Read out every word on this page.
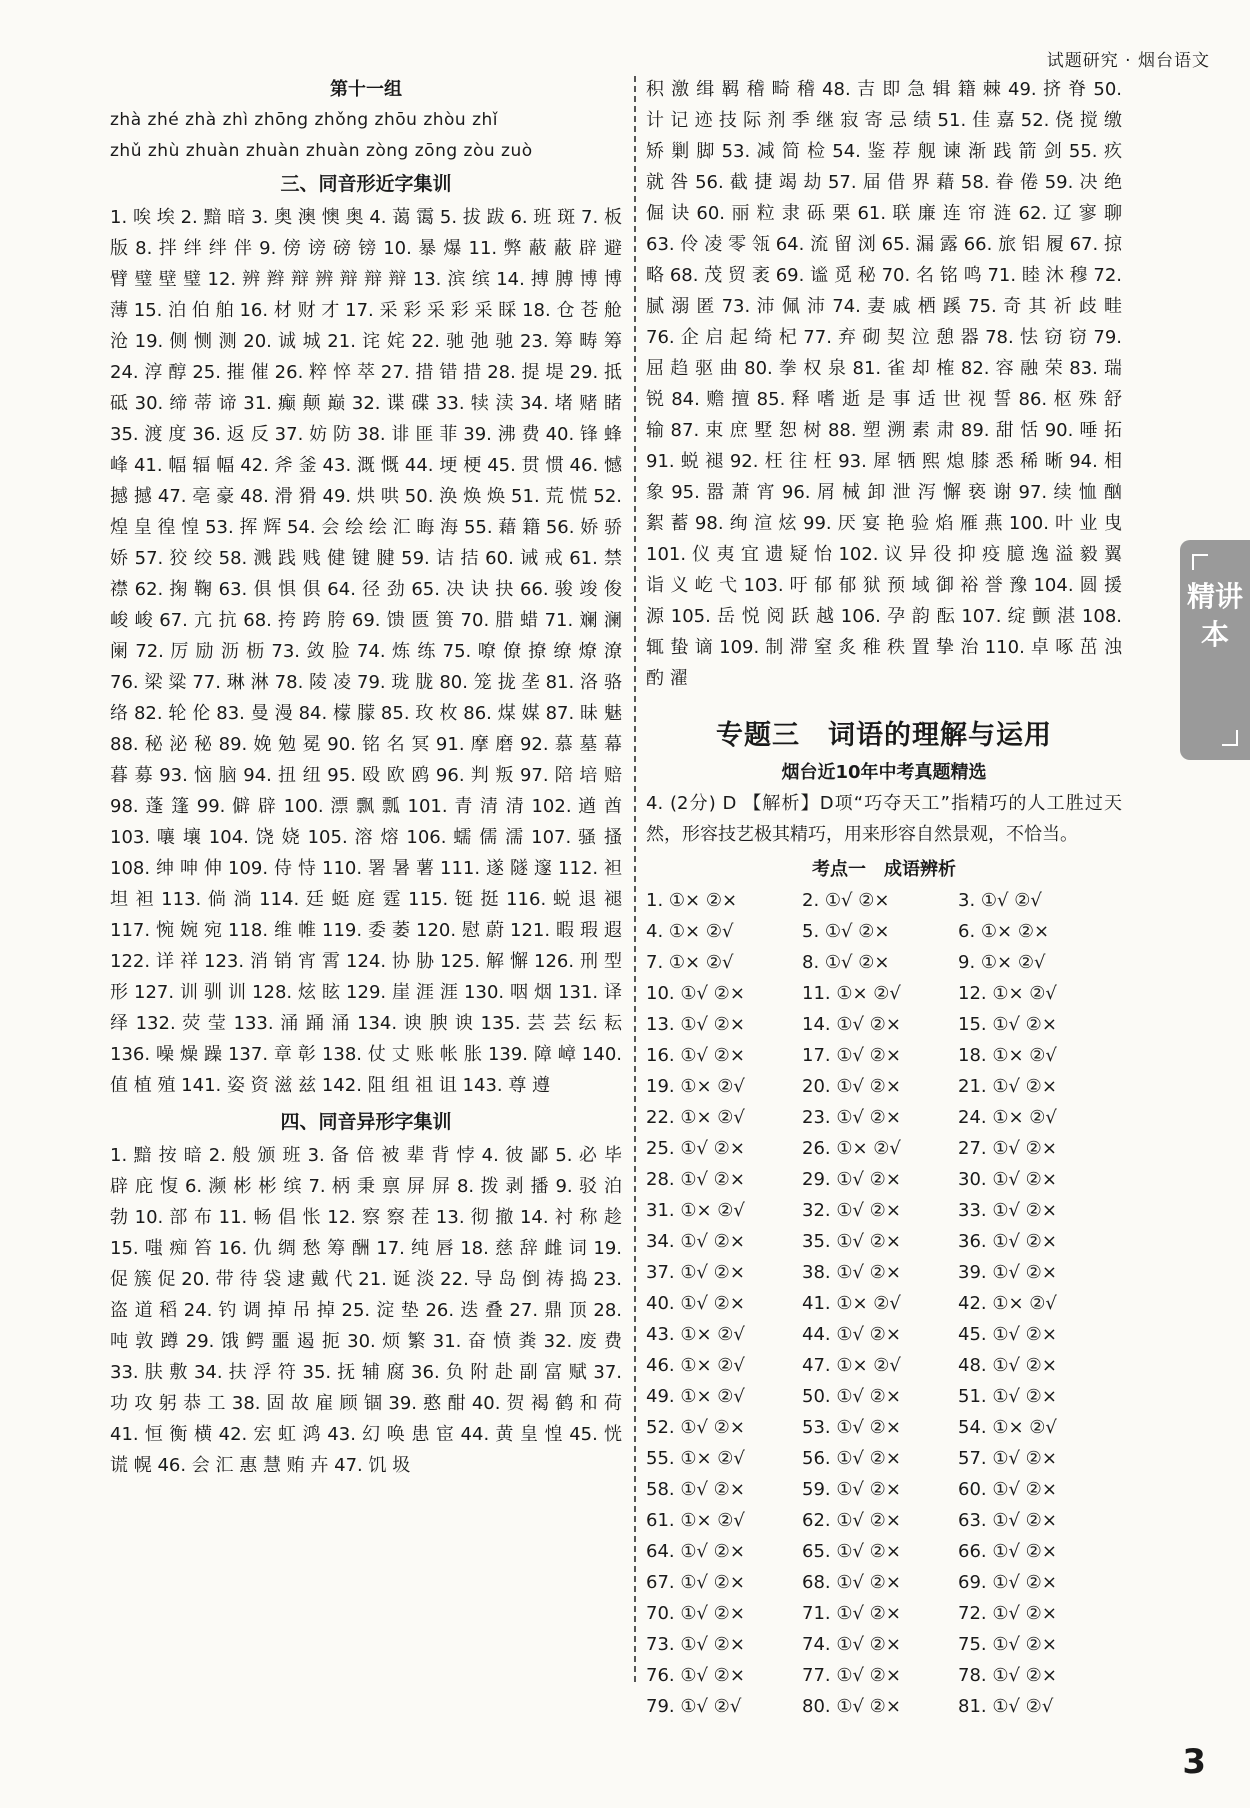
试题研究 · 烟台语文
第十一组
zhà zhé zhà zhì zhōng zhǒng zhōu zhòu zhǐ
zhǔ zhù zhuàn zhuàn zhuàn zòng zōng zòu zuò
三、同音形近字集训
1. 唉 埃 2. 黯 暗 3. 奥 澳 懊 奥 4. 蔼 霭 5. 拔 跋 6. 班 斑 7. 板 版 8. 拌 绊 绊 伴 9. 傍 谤 磅 镑 10. 暴 爆 11. 弊 蔽 蔽 辟 避 臂 璧 壁 璧 12. 辨 辫 辩 辨 辩 辩 辩 13. 滨 缤 14. 搏 膊 博 博 薄 15. 泊 伯 舶 16. 材 财 才 17. 采 彩 采 彩 采 睬 18. 仓 苍 舱 沧 19. 侧 恻 测 20. 诚 城 21. 诧 姹 22. 驰 弛 驰 23. 筹 畴 筹 24. 淳 醇 25. 摧 催 26. 粹 悴 萃 27. 措 错 措 28. 提 堤 29. 抵 砥 30. 缔 蒂 谛 31. 癫 颠 巅 32. 谍 碟 33. 犊 渎 34. 堵 赌 睹 35. 渡 度 36. 返 反 37. 妨 防 38. 诽 匪 菲 39. 沸 费 40. 锋 蜂 峰 41. 幅 辐 幅 42. 斧 釜 43. 溉 慨 44. 埂 梗 45. 贯 惯 46. 憾 撼 撼 47. 亳 豪 48. 滑 猾 49. 烘 哄 50. 涣 焕 焕 51. 荒 慌 52. 煌 皇 徨 惶 53. 挥 辉 54. 会 绘 绘 汇 晦 海 55. 藉 籍 56. 娇 骄 娇 57. 狡 绞 58. 溅 践 贱 健 键 腱 59. 诘 拮 60. 诫 戒 61. 禁 襟 62. 掬 鞠 63. 俱 惧 俱 64. 径 劲 65. 决 诀 抉 66. 骏 竣 俊 峻 峻 67. 亢 抗 68. 挎 跨 胯 69. 馈 匮 篑 70. 腊 蜡 71. 斓 澜 阑 72. 厉 励 沥 枥 73. 敛 脸 74. 炼 练 75. 嘹 僚 撩 缭 燎 潦 76. 梁 粱 77. 琳 淋 78. 陵 凌 79. 珑 胧 80. 笼 拢 垄 81. 洛 骆 络 82. 轮 伦 83. 曼 漫 84. 檬 朦 85. 玫 枚 86. 煤 媒 87. 昧 魅 88. 秘 泌 秘 89. 娩 勉 冕 90. 铭 名 冥 91. 摩 磨 92. 慕 墓 幕 暮 募 93. 恼 脑 94. 扭 纽 95. 殴 欧 鸥 96. 判 叛 97. 陪 培 赔 98. 蓬 篷 99. 僻 辟 100. 漂 飘 瓢 101. 青 清 清 102. 遒 酋 103. 嚷 壤 104. 饶 娆 105. 溶 熔 106. 蠕 儒 濡 107. 骚 搔 108. 绅 呻 伸 109. 侍 恃 110. 署 暑 薯 111. 遂 隧 邃 112. 袒 坦 袒 113. 倘 淌 114. 廷 蜓 庭 霆 115. 铤 挺 116. 蜕 退 褪 117. 惋 婉 宛 118. 维 帷 119. 委 萎 120. 慰 蔚 121. 暇 瑕 遐 122. 详 祥 123. 消 销 宵 霄 124. 协 胁 125. 解 懈 126. 刑 型 形 127. 训 驯 训 128. 炫 眩 129. 崖 涯 涯 130. 咽 烟 131. 译 绎 132. 荧 莹 133. 涌 踊 涌 134. 谀 腴 谀 135. 芸 芸 纭 耘 136. 噪 燥 躁 137. 章 彰 138. 仗 丈 账 帐 胀 139. 障 嶂 140. 值 植 殖 141. 姿 资 滋 兹 142. 阻 组 祖 诅 143. 尊 遵
四、同音异形字集训
1. 黯 按 暗 2. 般 颁 班 3. 备 倍 被 辈 背 悖 4. 彼 鄙 5. 必 毕 辟 庇 愎 6. 濒 彬 彬 缤 7. 柄 秉 禀 屏 屏 8. 拨 剥 播 9. 驳 泊 勃 10. 部 布 11. 畅 倡 怅 12. 察 察 茬 13. 彻 撤 14. 衬 称 趁 15. 嗤 痴 笞 16. 仇 绸 愁 筹 酬 17. 纯 唇 18. 慈 辞 雌 词 19. 促 簇 促 20. 带 待 袋 逮 戴 代 21. 诞 淡 22. 导 岛 倒 祷 捣 23. 盗 道 稻 24. 钓 调 掉 吊 掉 25. 淀 垫 26. 迭 叠 27. 鼎 顶 28. 吨 敦 蹲 29. 饿 鳄 噩 遏 扼 30. 烦 繁 31. 奋 愤 粪 32. 废 费 33. 肤 敷 34. 扶 浮 符 35. 抚 辅 腐 36. 负 附 赴 副 富 赋 37. 功 攻 躬 恭 工 38. 固 故 雇 顾 锢 39. 憨 酣 40. 贺 褐 鹤 和 荷 41. 恒 衡 横 42. 宏 虹 鸿 43. 幻 唤 患 宦 44. 黄 皇 惶 45. 恍 谎 幌 46. 会 汇 惠 慧 贿 卉 47. 饥 圾
积 激 缉 羁 稽 畸 稽 48. 吉 即 急 辑 籍 棘 49. 挤 脊 50. 计 记 迹 技 际 剂 季 继 寂 寄 忌 绩 51. 佳 嘉 52. 侥 搅 缴 矫 剿 脚 53. 减 简 检 54. 鉴 荐 舰 谏 渐 践 箭 剑 55. 疚 就 咎 56. 截 捷 竭 劫 57. 届 借 界 藉 58. 眷 倦 59. 决 绝 倔 诀 60. 丽 粒 隶 砾 栗 61. 联 廉 连 帘 涟 62. 辽 寥 聊 63. 伶 凌 零 瓴 64. 流 留 浏 65. 漏 露 66. 旅 铝 履 67. 掠 略 68. 茂 贸 袤 69. 谧 觅 秘 70. 名 铭 鸣 71. 睦 沐 穆 72. 腻 溺 匿 73. 沛 佩 沛 74. 妻 戚 栖 蹊 75. 奇 其 祈 歧 畦 76. 企 启 起 绮 杞 77. 弃 砌 契 泣 憩 器 78. 怯 窃 窃 79. 屈 趋 驱 曲 80. 拳 权 泉 81. 雀 却 榷 82. 容 融 荣 83. 瑞 锐 84. 赡 擅 85. 释 嗜 逝 是 事 适 世 视 誓 86. 枢 殊 舒 输 87. 束 庶 墅 恕 树 88. 塑 溯 素 肃 89. 甜 恬 90. 唾 拓 91. 蜕 褪 92. 枉 往 枉 93. 犀 牺 熙 熄 膝 悉 稀 晰 94. 相 象 95. 嚣 萧 宵 96. 屑 械 卸 泄 泻 懈 亵 谢 97. 续 恤 酗 絮 蓄 98. 绚 渲 炫 99. 厌 宴 艳 验 焰 雁 燕 100. 叶 业 曳 101. 仪 夷 宜 遗 疑 怡 102. 议 异 役 抑 疫 臆 逸 溢 毅 翼 诣 义 屹 弋 103. 吁 郁 郁 狱 预 域 御 裕 誉 豫 104. 圆 援 源 105. 岳 悦 阅 跃 越 106. 孕 韵 酝 107. 绽 颤 湛 108. 辄 蛰 谪 109. 制 滞 窒 炙 稚 秩 置 挚 治 110. 卓 啄 茁 浊 酌 濯
专题三　词语的理解与运用
烟台近10年中考真题精选
4. (2分) D 【解析】D项“巧夺天工”指精巧的人工胜过天然，形容技艺极其精巧，用来形容自然景观，不恰当。
考点一　成语辨析
1. ①× ②×	2. ①√ ②×	3. ①√ ②√
4. ①× ②√	5. ①√ ②×	6. ①× ②×
7. ①× ②√	8. ①√ ②×	9. ①× ②√
10. ①√ ②×	11. ①× ②√	12. ①× ②√
13. ①√ ②×	14. ①√ ②×	15. ①√ ②×
16. ①√ ②×	17. ①√ ②×	18. ①× ②√
19. ①× ②√	20. ①√ ②×	21. ①√ ②×
22. ①× ②√	23. ①√ ②×	24. ①× ②√
25. ①√ ②×	26. ①× ②√	27. ①√ ②×
28. ①√ ②×	29. ①√ ②×	30. ①√ ②×
31. ①× ②√	32. ①√ ②×	33. ①√ ②×
34. ①√ ②×	35. ①√ ②×	36. ①√ ②×
37. ①√ ②×	38. ①√ ②×	39. ①√ ②×
40. ①√ ②×	41. ①× ②√	42. ①× ②√
43. ①× ②√	44. ①√ ②×	45. ①√ ②×
46. ①× ②√	47. ①× ②√	48. ①√ ②×
49. ①× ②√	50. ①√ ②×	51. ①√ ②×
52. ①√ ②×	53. ①√ ②×	54. ①× ②√
55. ①× ②√	56. ①√ ②×	57. ①√ ②×
58. ①√ ②×	59. ①√ ②×	60. ①√ ②×
61. ①× ②√	62. ①√ ②×	63. ①√ ②×
64. ①√ ②×	65. ①√ ②×	66. ①√ ②×
67. ①√ ②×	68. ①√ ②×	69. ①√ ②×
70. ①√ ②×	71. ①√ ②×	72. ①√ ②×
73. ①√ ②×	74. ①√ ②×	75. ①√ ②×
76. ①√ ②×	77. ①√ ②×	78. ①√ ②×
79. ①√ ②√	80. ①√ ②×	81. ①√ ②√
精讲本
3
